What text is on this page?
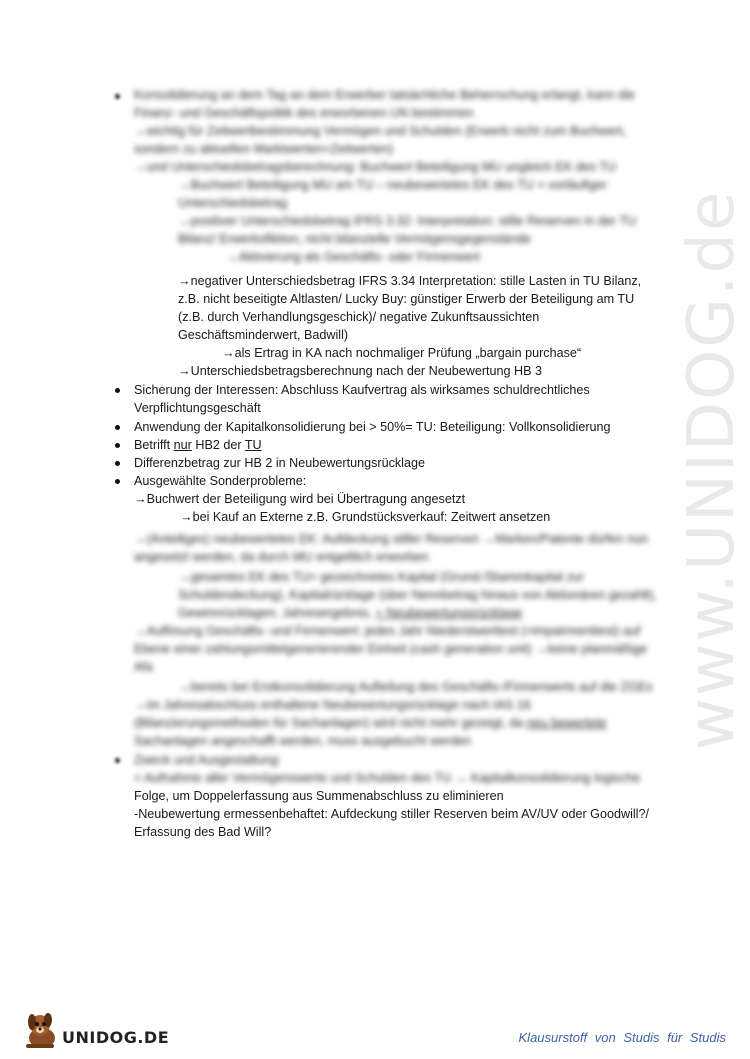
www.UNIDOG.de
Konsolidierung an dem Tag an dem Erwerber tatsächliche Beherrschung erlangt, kann die
Finanz- und Geschäftspolitik des erworbenen UN bestimmen
→wichtig für Zeitwertbestimmung Vermögen und Schulden (Erwerb nicht zum Buchwert,
sondern zu aktuellen Marktwerten=Zeitwerten)
→und Unterschiedsbetragsberechnung: Buchwert Beteiligung MU ungleich EK des TU
→Buchwert Beteiligung MU am TU – neubewertetes EK des TU = vorläufiger
Unterschiedsbetrag
→positiver Unterschiedsbetrag IFRS 3.32: Interpretation: stille Reserven in der TU
Bilanz/ Erwerbsfiktion, nicht bilanzielle Vermögensgegenstände
→Aktivierung als Geschäfts- oder Firmenwert
→negativer Unterschiedsbetrag IFRS 3.34 Interpretation: stille Lasten in TU Bilanz,
z.B. nicht beseitigte Altlasten/ Lucky Buy: günstiger Erwerb der Beteiligung am TU
(z.B. durch Verhandlungsgeschick)/ negative Zukunftsaussichten
Geschäftsminderwert, Badwill)
→als Ertrag in KA nach nochmaliger Prüfung „bargain purchase“
→Unterschiedsbetragsberechnung nach der Neubewertung HB 3
Sicherung der Interessen: Abschluss Kaufvertrag als wirksames schuldrechtliches
Verpflichtungsgeschäft
Anwendung der Kapitalkonsolidierung bei > 50%= TU: Beteiligung: Vollkonsolidierung
Betrifft nur HB2 der TU
Differenzbetrag zur HB 2 in Neubewertungsrücklage
Ausgewählte Sonderprobleme:
→Buchwert der Beteiligung wird bei Übertragung angesetzt
→bei Kauf an Externe z.B. Grundstücksverkauf: Zeitwert ansetzen
→(Anteiliges) neubewertetes EK: Aufdeckung stiller Reserven →Marken/Patente dürfen nun
angesetzt werden, da durch MU entgeltlich erworben
→gesamtes EK des TU= gezeichnetes Kapital (Grund-/Stammkapital zur
Schuldendeckung), Kapitalrücklage (über Nennbetrag hinaus von Aktionären gezahlt),
Gewinnrücklagen, Jahresergebnis, + Neubewertungsrücklage
→Auflösung Geschäfts- und Firmenwert: jedes Jahr Niederstwerttest (=impairmenttest) auf
Ebene einer zahlungsmittelgenerierender Einheit (cash generation unit) →keine planmäßige
Afa
→bereits bei Erstkonsolidierung Aufteilung des Geschäfts-/Firmenwerts auf die ZGEs
→im Jahresabschluss enthaltene Neubewertungsrücklage nach IAS 16
(Bilanzierungsmethoden für Sachanlagen) wird nicht mehr gezeigt, da neu bewertete
Sachanlagen angeschafft werden, muss ausgebucht werden
Zweck und Ausgestaltung:
= Aufnahme aller Vermögenswerte und Schulden des TU → Kapitalkonsolidierung logische
Folge, um Doppelerfassung aus Summenabschluss zu eliminieren
-Neubewertung ermessenbehaftet: Aufdeckung stiller Reserven beim AV/UV oder Goodwill?/
Erfassung des Bad Will?
UNIDOG.DE	Klausurstoff von Studis für Studis
